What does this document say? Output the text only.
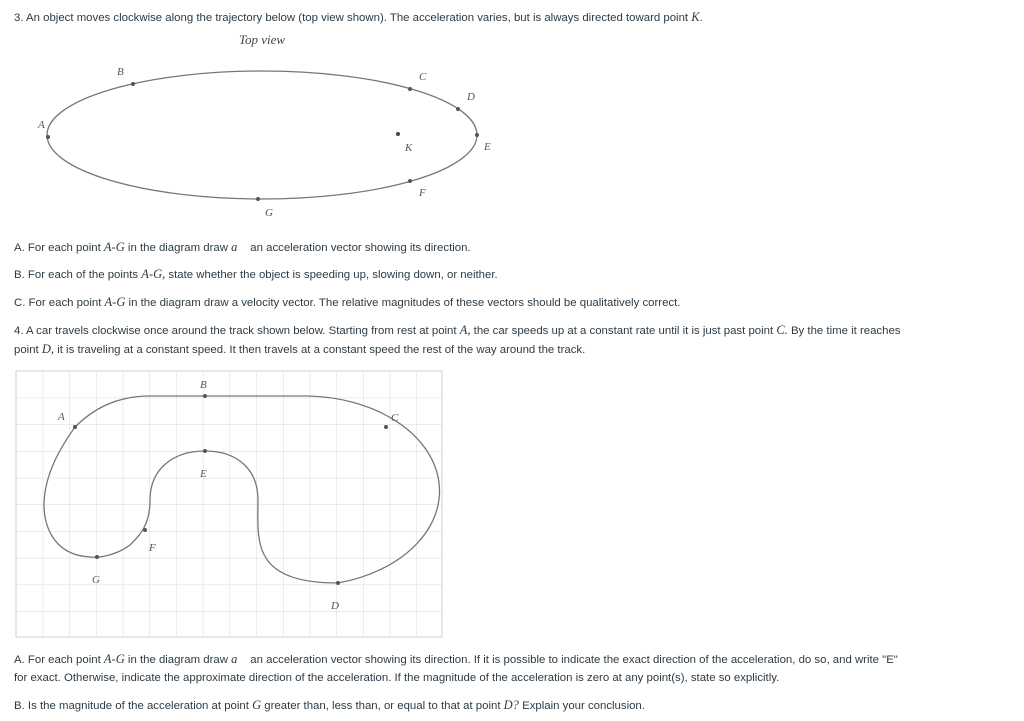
3. An object moves clockwise along the trajectory below (top view shown). The acceleration varies, but is always directed toward point K.
Top view
A
B	C
D
E
F
G
K
A. For each point A-G in the diagram draw a⃗ an acceleration vector showing its direction.
B. For each of the points A-G, state whether the object is speeding up, slowing down, or neither.
C. For each point A-G in the diagram draw a velocity vector. The relative magnitudes of these vectors should be qualitatively correct.
4. A car travels clockwise once around the track shown below. Starting from rest at point A, the car speeds up at a constant rate until it is just past point C. By the time it reaches point D, it is traveling at a constant speed. It then travels at a constant speed the rest of the way around the track.
A
B
C
D
E
F
G
A. For each point A-G in the diagram draw a⃗ an acceleration vector showing its direction. If it is possible to indicate the exact direction of the acceleration, do so, and write "E" for exact. Otherwise, indicate the approximate direction of the acceleration. If the magnitude of the acceleration is zero at any point(s), state so explicitly.
B. Is the magnitude of the acceleration at point G greater than, less than, or equal to that at point D? Explain your conclusion.
